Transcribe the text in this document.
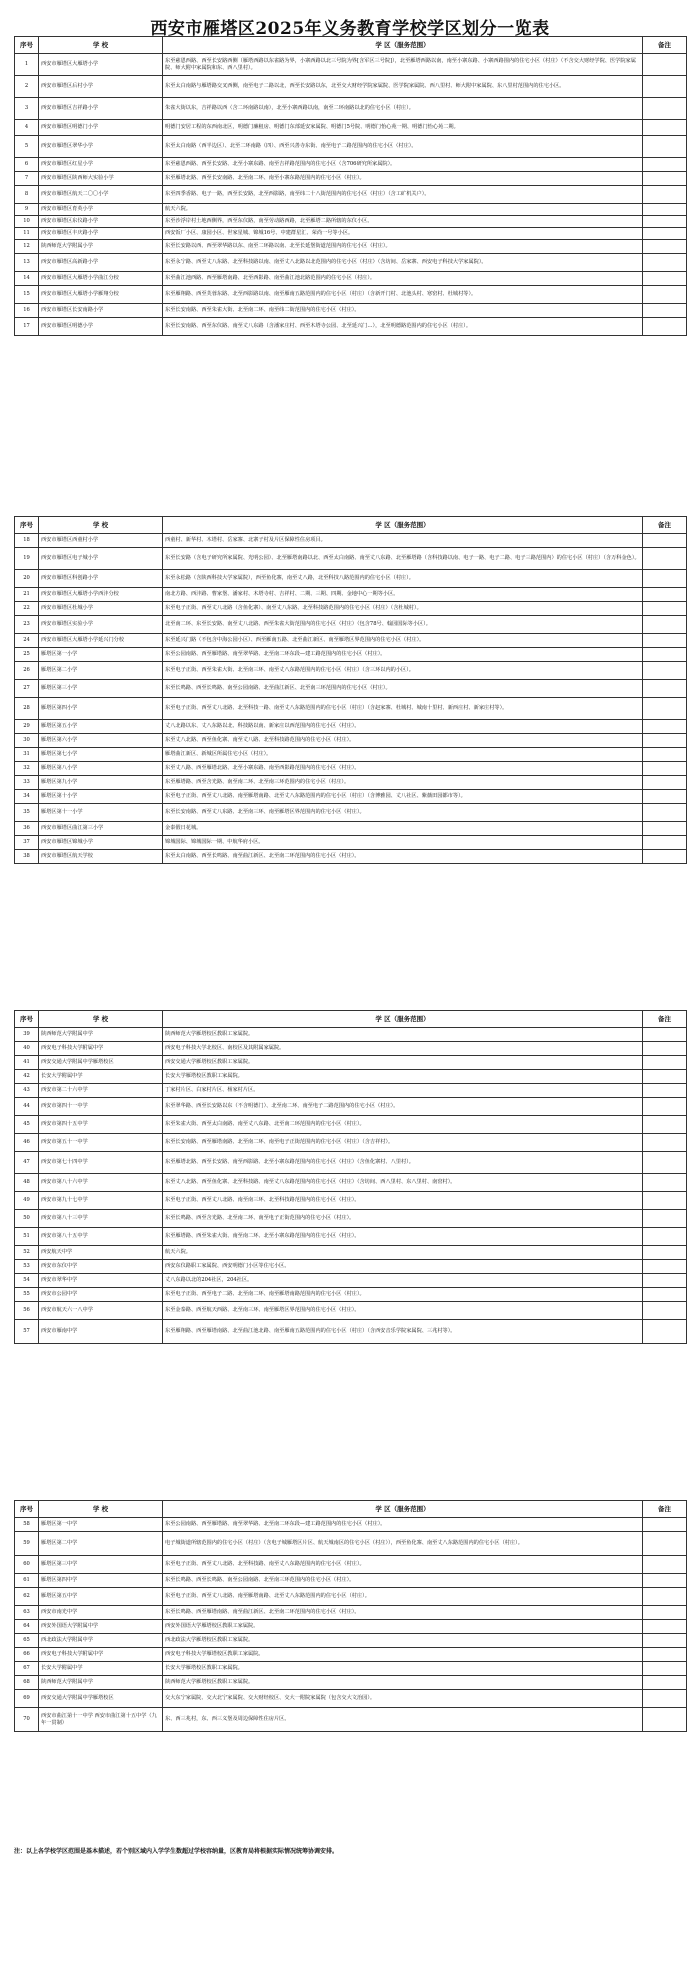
西安市雁塔区2025年义务教育学校学区划分一览表
序号	学 校	学 区（服务范围）	备注
1	西安市雁塔区大雁塔小学	东至慈恩西路、西至长安路西侧（雁塔西路以东雀路为界，小寨西路以北三号院为界[含军区三号院]），北至雁塔西路以南，南至小寨东路、小寨西路围内的住宅小区（村庄）（不含交大财经学院、医学院家属院、师大附中家属院和东、西八里村）。	
2	西安市雁塔区后村小学	东至太白南路与雁塔路交叉西侧，南至电子二路以北，西至长安路以东，北至交大财经学院家属院、医学院家属院、西八里村、师大附中家属院、东八里村范围内的住宅小区。	
3	西安市雁塔区吉祥路小学	朱雀大街以东，吉祥路以西（含二环南路以南），北至小寨西路以南，南至二环南路以北的住宅小区（村庄）。	
4	西安市雁塔区明德门小学	明德门安居工程的东西南北区，明德门廉租房、明德门东部延安家属院、明德门5号院、明德门怡心苑一期、明德门怡心苑二期。	
5	西安市雁塔区翠华小学	东至太白南路（西半边区）、北至二环南路（四）、西至兴善寺东街、南至电子二路范围内的住宅小区（村庄）。	
6	西安市雁塔区红星小学	东至慈恩西路、西至长安路、北至小寨东路、南至吉祥路范围内的住宅小区（含706研究所家属院）。	
7	西安市雁塔区陕西师大实验小学	东至雁塔北路、西至长安南路、北至南二环、南至小寨东路范围内的住宅小区（村庄）。	
8	西安市雁塔区航天二〇〇小学	东至四季香路、电子一路，西至长安路，北至西影路，南至纬二十八街范围内的住宅小区（村庄）（含工矿机关户）。	
9	西安市雁塔区育英小学	航天六院。	
10	西安市雁塔区东仪路小学	东至沙浮岸村土地西侧界，西至东仪路，南至劳动路西路，北至雁塔二路所辖的东仪小区。	
11	西安市雁塔区丰庆路小学	西安饭厂小区、康园小区、世家星城、锦城16号、中建群星汇、荣尚一号等小区。	
12	陕西师范大学附属小学	东至长安路以西、西至翠华路以东、南至二环路以南、北至长延堡街道范围内的住宅小区（村庄）。	
13	西安市雁塔区高新路小学	东至永宁路、西至丈八东路、北至科技路以南、南至丈八北路以北范围内的住宅小区（村庄）（含坊间、岳家寨、西安电子科技大学家属院）。	
14	西安市雁塔区大雁塔小学曲江分校	东至曲江池西路、西至雁塔南路、北至西影路、南至曲江池北路范围内的住宅小区（村庄）。	
15	西安市雁塔区大雁塔小学雁翔分校	东至雁翔路、西至芙蓉东路、北至西影路以南、南至雁南五路范围内的住宅小区（村庄）（含新开门村、北池头村、寒窑村、杜城村等）。	
16	西安市雁塔区长安南路小学	东至长安南路、西至朱雀大街、北至南二环、南至纬二街范围内的住宅小区（村庄）。	
17	西安市雁塔区明德小学	东至长安南路、西至东仪路、南至丈八东路（含潘家庄村、西至木塔寺公园、北至延兴门…），北至明德路范围内的住宅小区（村庄）。	
序号	学 校	学 区（服务范围）	备注
18	西安市雁塔区西童村小学	西童村、新华村、木塔村、岳家寨、北寨子村及片区保障性住房项目。	
19	西安市雁塔区电子城小学	东至长安路（含电子研究所家属院、光明公园）、北至雁塔南路以北、西至太白南路、南至丈八东路、北至雁塔路（含科技路以南、电子一路、电子二路、电子三路范围内）的住宅小区（村庄）（含万科金色）。	
20	西安市雁塔区科创路小学	东至永松路（含陕西科技大学家属院），西至鱼化寨，南至丈八路，北至科技八路范围内的住宅小区（村庄）。	
21	西安市雁塔区大雁塔小学西沣分校	南北方路、西沣路、曹家堡、潘家村、木塔寺村、吉祥村、二期、三期、四期、金地中心一期等小区。	
22	西安市雁塔区杜城小学	东至电子正街、西至丈八北路（含鱼化寨）、南至丈八东路、北至科技路范围内的住宅小区（村庄）（含杜城村）。	
23	西安市雁塔区实验小学	北至南二环、东至长安路、南至丈八北路、西至朱雀大街范围内的住宅小区（村庄）（包含78号、翰园国际等小区）。	
24	西安市雁塔区大雁塔小学延兴门分校	东至延兴门路（不包含中海公园小区）、西至雁南五路、北至曲江新区、南至雁塔区界范围内的住宅小区（村庄）。	
25	雁塔区第一小学	东至公园南路、西至雁塔路、南至翠华路、北至南二环东段—建工路范围内的住宅小区（村庄）。	
26	雁塔区第二小学	东至电子正街、西至朱雀大街、北至南三环、南至丈八东路范围内的住宅小区（村庄）（含三环以内的小区）。	
27	雁塔区第三小学	东至长鸣路、西至长鸣路、南至公园南路、北至曲江新区、北至南三环范围内的住宅小区（村庄）。	
28	雁塔区第四小学	东至电子正街、西至丈八北路、北至科技一路、南至丈八东路范围内的住宅小区（村庄）（含赵家寨、杜城村、城南十里村、新西庄村、新家庄村等）。	
29	雁塔区第五小学	丈八北路以东、丈八东路以北、科技路以南、新家庄以西范围内的住宅小区（村庄）。	
30	雁塔区第六小学	东至丈八北路、西至鱼化寨、南至丈八路、北至科技路范围内的住宅小区（村庄）。	
31	雁塔区第七小学	雁塔曲江新区、新城区所属住宅小区（村庄）。	
32	雁塔区第八小学	东至丈八路、西至雁塔北路、北至小寨东路、南至西影路范围内的住宅小区（村庄）。	
33	雁塔区第九小学	东至雁塔路、西至含光路、南至南二环、北至南三环范围内的住宅小区（村庄）。	
34	雁塔区第十小学	东至电子正街、西至丈八北路、南至雁塔南路、北至丈八东路范围内的住宅小区（村庄）（含博雅园、丈八社区、紫薇田园都市等）。	
35	雁塔区第十一小学	东至长安南路、西至丈八东路、北至南三环、南至雁塔区界范围内的住宅小区（村庄）。	
36	西安市雁塔区曲江第三小学	金泰假日花城。	
37	西安市雁塔区锦城小学	锦城国际、锦城国际一期、中航华府小区。	
38	西安市雁塔区航天学校	东至太白南路、西至长鸣路、南至曲江新区、北至南二环范围内的住宅小区（村庄）。	
序号	学 校	学 区（服务范围）	备注
39	陕西师范大学附属中学	陕西师范大学雁塔校区教职工家属院。	
40	西安电子科技大学附属中学	西安电子科技大学北校区、南校区及其附属家属院。	
41	西安交通大学附属中学雁塔校区	西安交通大学雁塔校区教职工家属院。	
42	长安大学附属中学	长安大学雁塔校区教职工家属院。	
43	西安市第二十六中学	丁家村片区、白家村片区、杨家村片区。	
44	西安市第四十一中学	东至翠华路、西至长安路以东（不含明德门）、北至南二环、南至电子二路范围内的住宅小区（村庄）。	
45	西安市第四十五中学	东至朱雀大街、西至太白南路、南至丈八东路、北至南二环范围内的住宅小区（村庄）。	
46	西安市第五十一中学	东至长安南路、西至雁塔南路、北至南二环、南至电子正街范围内的住宅小区（村庄）（含吉祥村）。	
47	西安市第七十四中学	东至雁塔北路、西至长安路、南至西影路、北至小寨东路范围内的住宅小区（村庄）（含鱼化寨村、八里村）。	
48	西安市第八十六中学	东至丈八北路、西至鱼化寨、北至科技路、南至丈八东路范围内的住宅小区（村庄）（含坊间、西八里村、东八里村、南窑村）。	
49	西安市第九十七中学	东至电子正街、西至丈八北路、南至南三环、北至科技路范围内的住宅小区（村庄）。	
50	西安市第八十三中学	东至长鸣路、西至含光路、北至南二环、南至电子正街范围内的住宅小区（村庄）。	
51	西安市第八十五中学	东至雁塔路、西至朱雀大街、南至南二环、北至小寨东路范围内的住宅小区（村庄）。	
52	西安航天中学	航天六院。	
53	西安市东仪中学	西安东仪路职工家属院、西安明德门小区等住宅小区。	
54	西安市翠华中学	丈八东路以北的204社区，204社区。	
55	西安市公园中学	东至电子正街、西至电子二路、北至南二环、南至雁塔南路范围内的住宅小区（村庄）。	
56	西安市航天六一八中学	东至金泰路、西至航天西路、北至南三环、南至雁塔区界范围内的住宅小区（村庄）。	
57	西安市雁南中学	东至雁翔路、西至雁塔南路、北至曲江池北路、南至雁南五路范围内的住宅小区（村庄）（含西安音乐学院家属院、三兆村等）。	
序号	学 校	学 区（服务范围）	备注
58	雁塔区第一中学	东至公园南路、西至雁塔路、南至翠华路、北至南二环东段—建工路范围内的住宅小区（村庄）。	
59	雁塔区第二中学	电子城街道所辖范围内的住宅小区（村庄）（含电子城雁塔区片区、航天城南区的住宅小区（村庄）），西至鱼化寨、南至丈八东路范围内的住宅小区（村庄）。	
60	雁塔区第三中学	东至电子正街、西至丈八北路、北至科技路、南至丈八东路范围内的住宅小区（村庄）。	
61	雁塔区第四中学	东至长鸣路、西至长鸣路、南至公园南路、北至南三环范围内的住宅小区（村庄）。	
62	雁塔区第五中学	东至电子正街、西至丈八北路、南至雁塔南路、北至丈八东路范围内的住宅小区（村庄）。	
63	西安市南光中学	东至长鸣路、西至雁塔南路、南至曲江新区、北至南二环范围内的住宅小区（村庄）。	
64	西安外国语大学附属中学	西安外国语大学雁塔校区教职工家属院。	
65	西北政法大学附属中学	西北政法大学雁塔校区教职工家属院。	
66	西安电子科技大学附属中学	西安电子科技大学雁塔校区教职工家属院。	
67	长安大学附属中学	长安大学雁塔校区教职工家属院。	
68	陕西师范大学附属中学	陕西师范大学雁塔校区教职工家属院。	
69	西安交通大学附属中学雁塔校区	交大东宁家属院、交大北宁家属院、交大财经校区、交大一附院家属院（包含交大文治园）。	
70	西安市曲江第十一中学 西安市曲江第十五中学（九年一贯制）	东、西三兆村，东、西三义堡及周边保障性住房片区。	
注：以上各学校学区范围是基本描述，若个别区域内入学学生数超过学校容纳量，区教育局将根据实际情况统筹协调安排。
